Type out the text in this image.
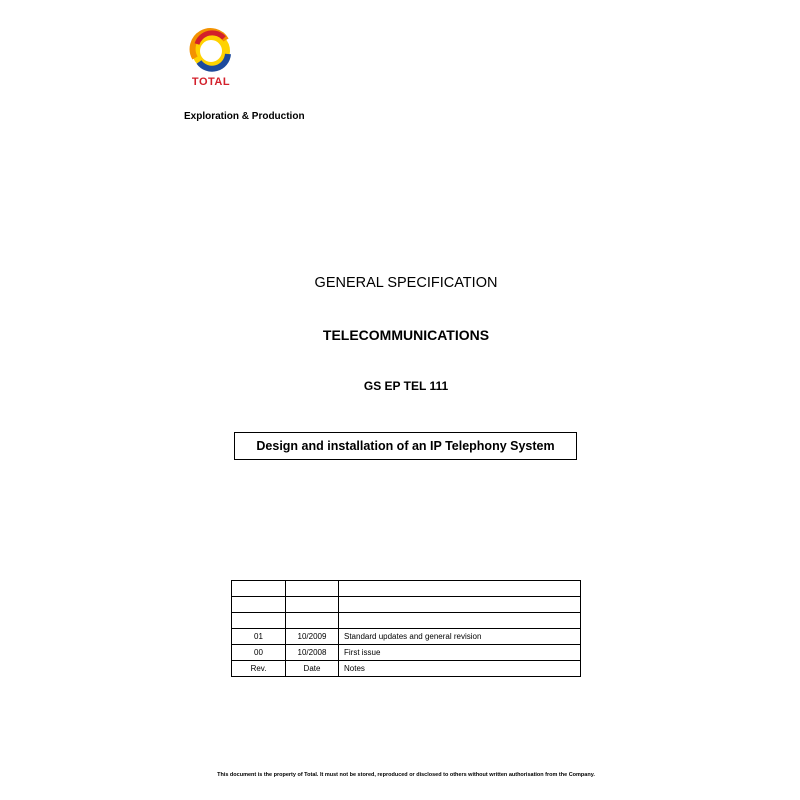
TOTAL
Exploration & Production
GENERAL SPECIFICATION
TELECOMMUNICATIONS
GS EP TEL 111
Design and installation of an IP Telephony System

01	10/2009	Standard updates and general revision
00	10/2008	First issue
Rev.	Date	Notes
This document is the property of Total. It must not be stored, reproduced or disclosed to others without written authorisation from the Company.
